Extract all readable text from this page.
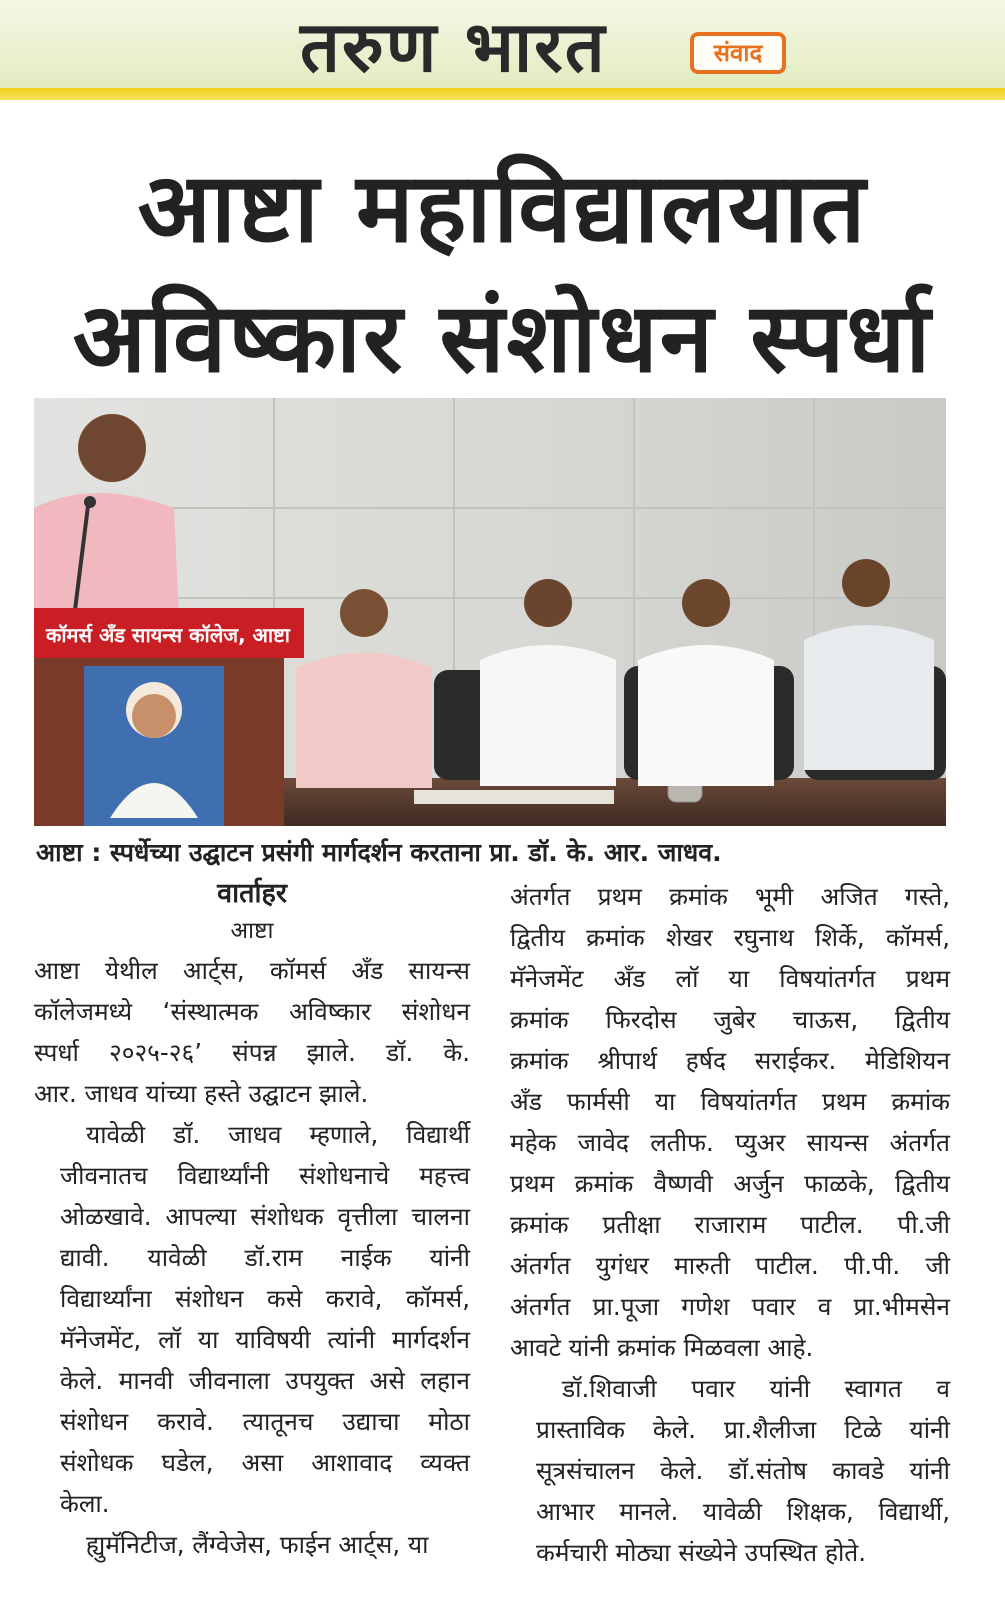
तरुण भारत	संवाद
आष्टा महाविद्यालयात
अविष्कार संशोधन स्पर्धा
कॉमर्स अँड सायन्स कॉलेज, आष्टा
आष्टा : स्पर्धेच्या उद्घाटन प्रसंगी मार्गदर्शन करताना प्रा. डॉ. के. आर. जाधव.
वार्ताहर
आष्टा
आष्टा येथील आर्ट्स, कॉमर्स अँड सायन्स
कॉलेजमध्ये ‘संस्थात्मक अविष्कार संशोधन
स्पर्धा २०२५-२६’ संपन्न झाले. डॉ. के.
आर. जाधव यांच्या हस्ते उद्घाटन झाले.
यावेळी डॉ. जाधव म्हणाले, विद्यार्थी
जीवनातच विद्यार्थ्यांनी संशोधनाचे महत्त्व
ओळखावे. आपल्या संशोधक वृत्तीला चालना
द्यावी. यावेळी डॉ.राम नाईक यांनी
विद्यार्थ्यांना संशोधन कसे करावे, कॉमर्स,
मॅनेजमेंट, लॉ या याविषयी त्यांनी मार्गदर्शन
केले. मानवी जीवनाला उपयुक्त असे लहान
संशोधन करावे. त्यातूनच उद्याचा मोठा
संशोधक घडेल, असा आशावाद व्यक्त
केला.
ह्युमॅनिटीज, लैंग्वेजेस, फाईन आर्ट्स, या
अंतर्गत प्रथम क्रमांक भूमी अजित गस्ते,
द्वितीय क्रमांक शेखर रघुनाथ शिर्के, कॉमर्स,
मॅनेजमेंट अँड लॉ या विषयांतर्गत प्रथम
क्रमांक फिरदोस जुबेर चाऊस, द्वितीय
क्रमांक श्रीपार्थ हर्षद सराईकर. मेडिशियन
अँड फार्मसी या विषयांतर्गत प्रथम क्रमांक
महेक जावेद लतीफ. प्युअर सायन्स अंतर्गत
प्रथम क्रमांक वैष्णवी अर्जुन फाळके, द्वितीय
क्रमांक प्रतीक्षा राजाराम पाटील. पी.जी
अंतर्गत युगंधर मारुती पाटील. पी.पी. जी
अंतर्गत प्रा.पूजा गणेश पवार व प्रा.भीमसेन
आवटे यांनी क्रमांक मिळवला आहे.
डॉ.शिवाजी पवार यांनी स्वागत व
प्रास्ताविक केले. प्रा.शैलीजा टिळे यांनी
सूत्रसंचालन केले. डॉ.संतोष कावडे यांनी
आभार मानले. यावेळी शिक्षक, विद्यार्थी,
कर्मचारी मोठ्या संख्येने उपस्थित होते.
